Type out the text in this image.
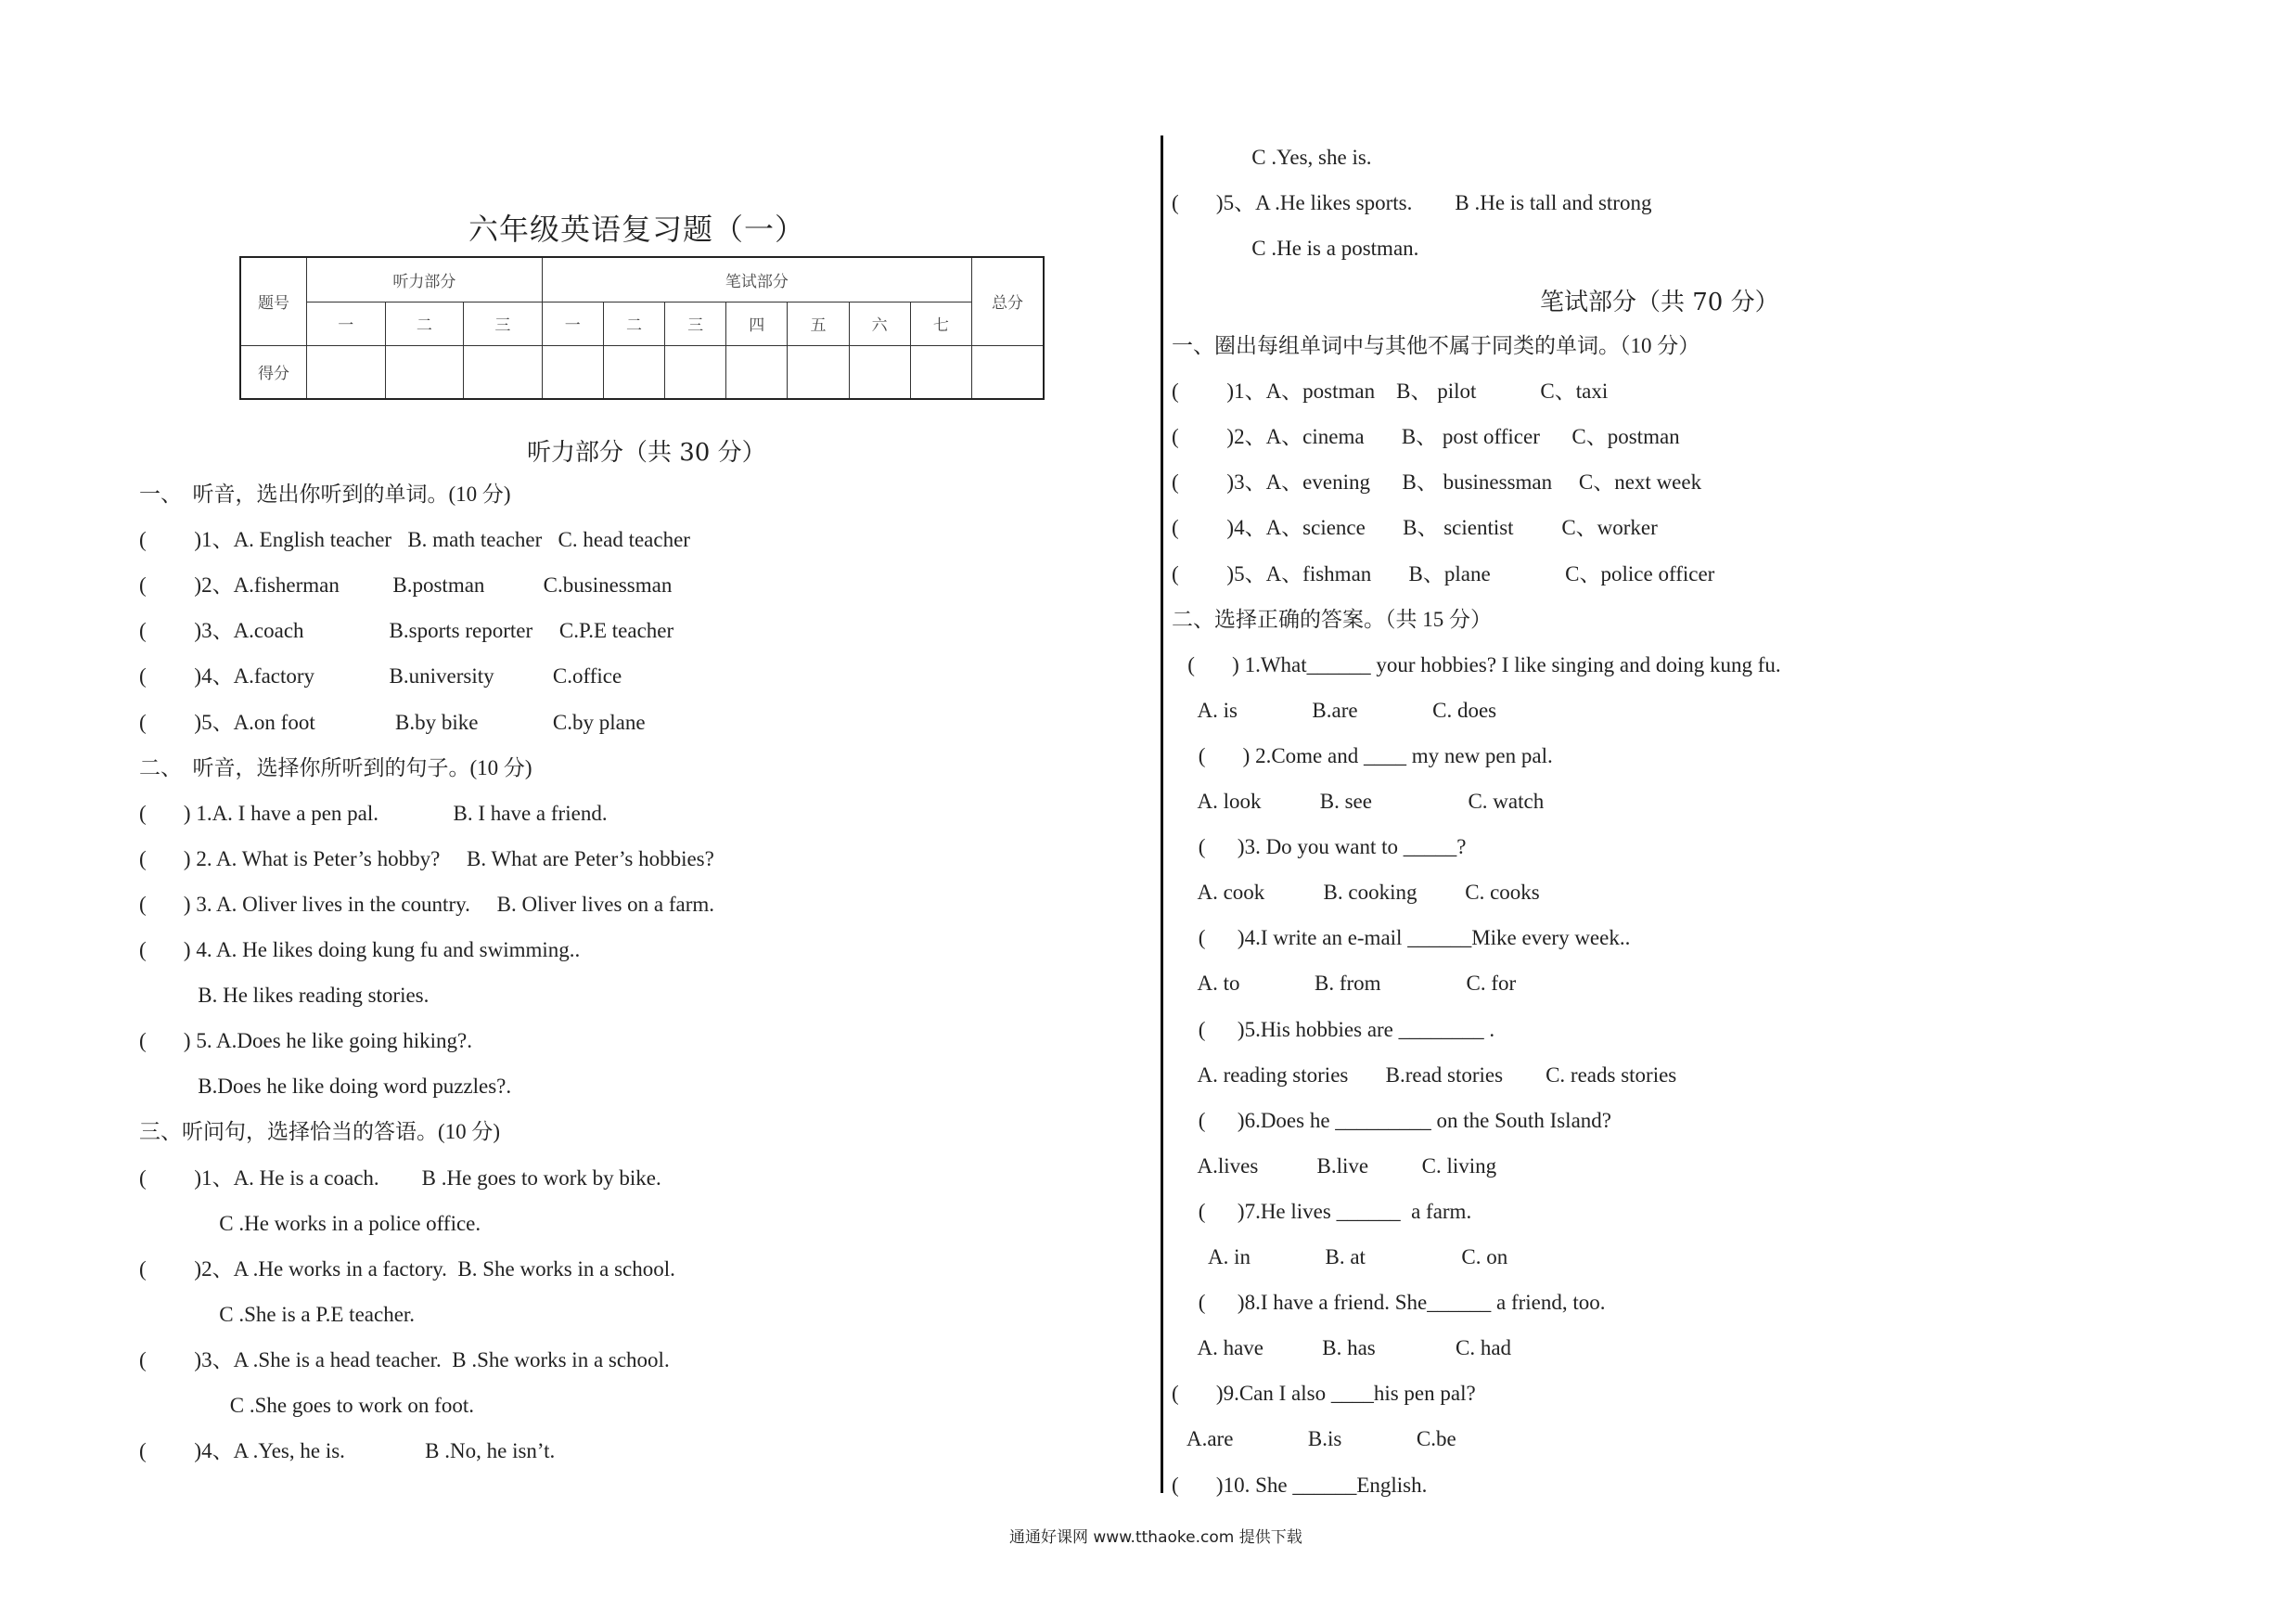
六年级英语复习题（一）
题号	听力部分			笔试部分							总分
	一	二	三	一	二	三	四	五	六	七	
得分											
听力部分（共 30 分）
一、  听音，选出你听到的单词。(10 分)
(         )1、A. English teacher   B. math teacher   C. head teacher
(         )2、A.fisherman          B.postman           C.businessman
(         )3、A.coach                B.sports reporter     C.P.E teacher
(         )4、A.factory              B.university           C.office
(         )5、A.on foot               B.by bike              C.by plane
二、  听音，选择你所听到的句子。(10 分)
(       ) 1.A. I have a pen pal.              B. I have a friend.
(       ) 2. A. What is Peter’s hobby?     B. What are Peter’s hobbies?
(       ) 3. A. Oliver lives in the country.     B. Oliver lives on a farm.
(       ) 4. A. He likes doing kung fu and swimming..
B. He likes reading stories.
(       ) 5. A.Does he like going hiking?.
B.Does he like doing word puzzles?.
三、听问句，选择恰当的答语。(10 分)
(         )1、A. He is a coach.        B .He goes to work by bike.
C .He works in a police office.
(         )2、A .He works in a factory.  B. She works in a school.
C .She is a P.E teacher.
(         )3、A .She is a head teacher.  B .She works in a school.
C .She goes to work on foot.
(         )4、A .Yes, he is.               B .No, he isn’t.
C .Yes, she is.
(       )5、A .He likes sports.        B .He is tall and strong
C .He is a postman.
笔试部分（共 70 分）
一、圈出每组单词中与其他不属于同类的单词。（10 分）
(         )1、A、postman    B、 pilot            C、taxi
(         )2、A、cinema       B、 post officer      C、postman
(         )3、A、evening      B、 businessman     C、next week
(         )4、A、science       B、 scientist         C、worker
(         )5、A、fishman       B、plane              C、police officer
二、选择正确的答案。（共 15 分）
(       ) 1.What______ your hobbies? I like singing and doing kung fu.
A. is              B.are              C. does
(       ) 2.Come and ____ my new pen pal.
A. look           B. see                  C. watch
(      )3. Do you want to _____?
A. cook           B. cooking         C. cooks
(      )4.I write an e-mail ______Mike every week..
A. to              B. from                C. for
(      )5.His hobbies are ________ .
A. reading stories       B.read stories        C. reads stories
(      )6.Does he _________ on the South Island?
A.lives           B.live          C. living
(      )7.He lives ______  a farm.
A. in              B. at                  C. on
(      )8.I have a friend. She______ a friend, too.
A. have           B. has               C. had
(       )9.Can I also ____his pen pal?
A.are              B.is              C.be
(       )10. She ______English.
通通好课网 www.tthaoke.com 提供下载
